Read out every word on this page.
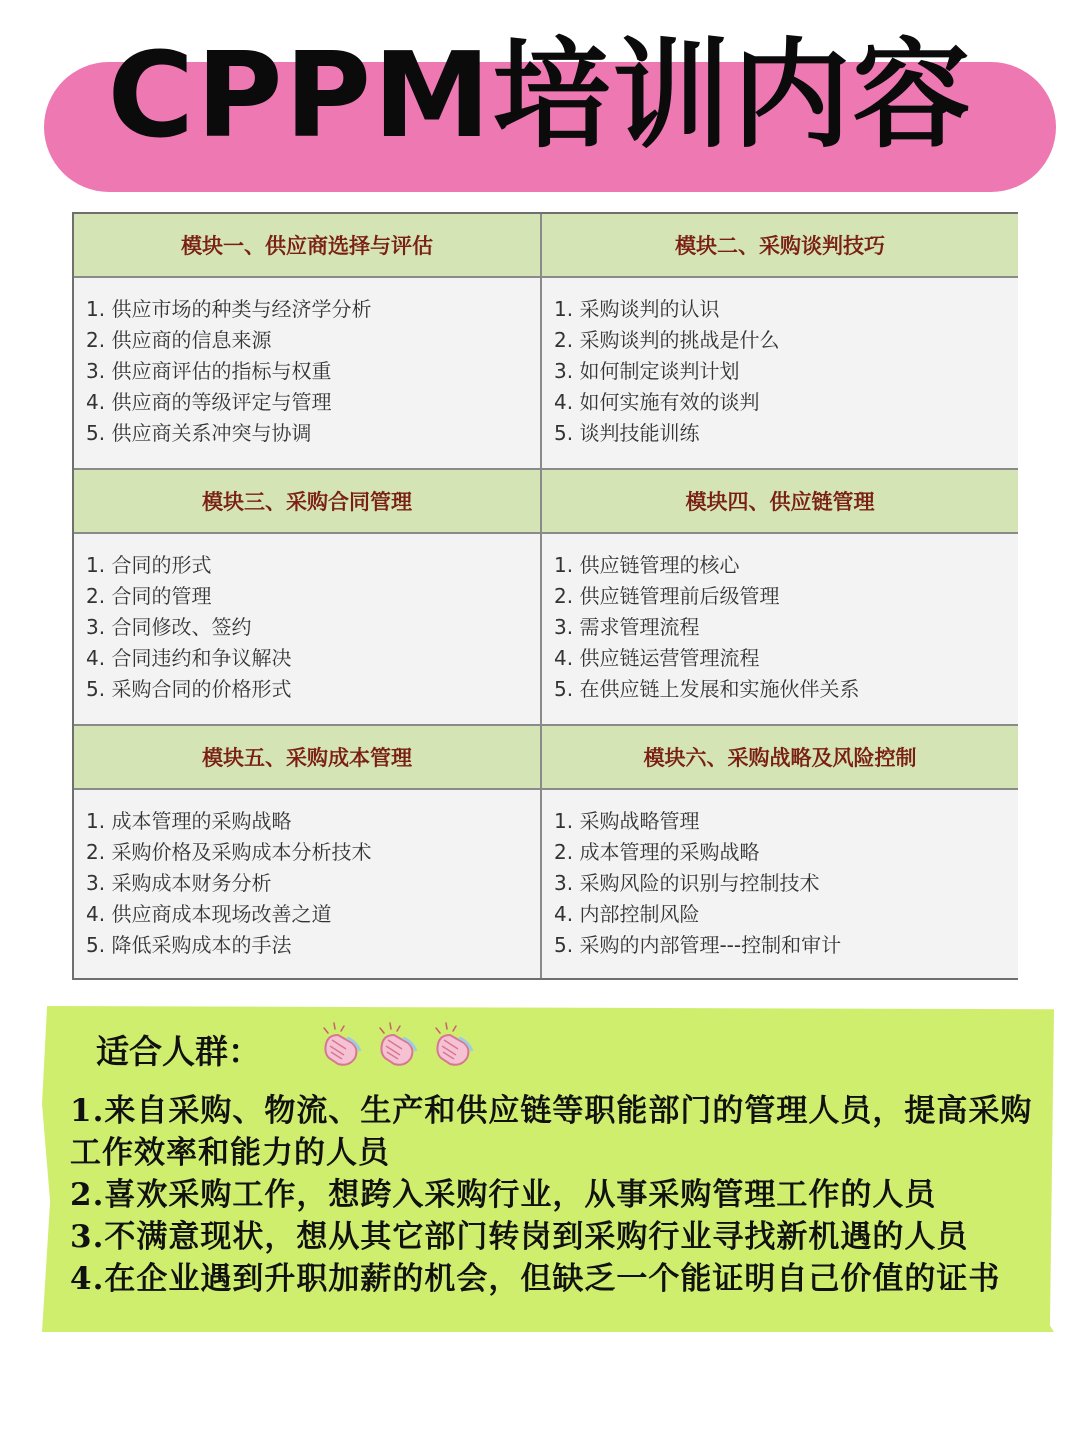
CPPM培训内容
模块一、供应商选择与评估
1. 供应市场的种类与经济学分析
2. 供应商的信息来源
3. 供应商评估的指标与权重
4. 供应商的等级评定与管理
5. 供应商关系冲突与协调
模块二、采购谈判技巧
1. 采购谈判的认识
2. 采购谈判的挑战是什么
3. 如何制定谈判计划
4. 如何实施有效的谈判
5. 谈判技能训练
模块三、采购合同管理
1. 合同的形式
2. 合同的管理
3. 合同修改、签约
4. 合同违约和争议解决
5. 采购合同的价格形式
模块四、供应链管理
1. 供应链管理的核心
2. 供应链管理前后级管理
3. 需求管理流程
4. 供应链运营管理流程
5. 在供应链上发展和实施伙伴关系
模块五、采购成本管理
1. 成本管理的采购战略
2. 采购价格及采购成本分析技术
3. 采购成本财务分析
4. 供应商成本现场改善之道
5. 降低采购成本的手法
模块六、采购战略及风险控制
1. 采购战略管理
2. 成本管理的采购战略
3. 采购风险的识别与控制技术
4. 内部控制风险
5. 采购的内部管理---控制和审计
适合人群：
1.来自采购、物流、生产和供应链等职能部门的管理人员，提高采购工作效率和能力的人员
2.喜欢采购工作，想跨入采购行业，从事采购管理工作的人员
3.不满意现状，想从其它部门转岗到采购行业寻找新机遇的人员
4.在企业遇到升职加薪的机会，但缺乏一个能证明自己价值的证书
